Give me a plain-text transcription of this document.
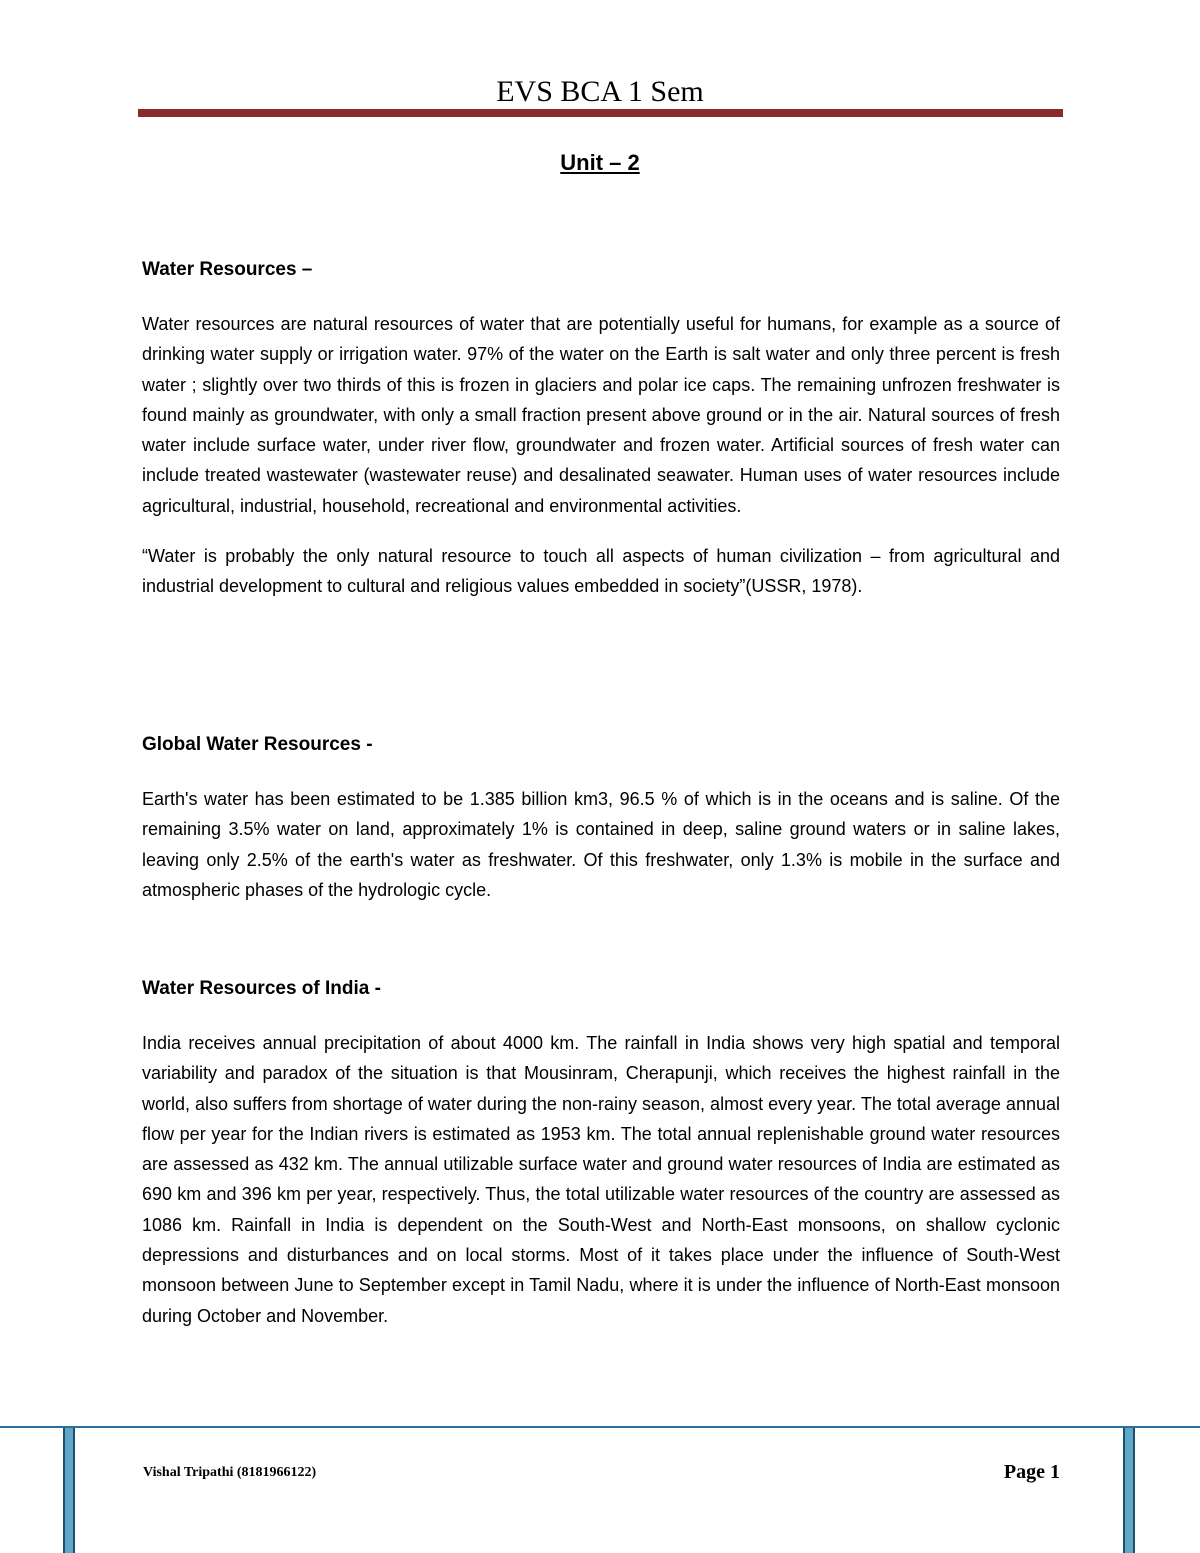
EVS BCA 1 Sem
Unit – 2
Water Resources –

Water resources are natural resources of water that are potentially useful for humans, for example as a source of drinking water supply or irrigation water. 97% of the water on the Earth is salt water and only three percent is fresh water ; slightly over two thirds of this is frozen in glaciers and polar ice caps. The remaining unfrozen freshwater is found mainly as groundwater, with only a small fraction present above ground or in the air. Natural sources of fresh water include surface water, under river flow, groundwater and frozen water. Artificial sources of fresh water can include treated wastewater (wastewater reuse) and desalinated seawater. Human uses of water resources include agricultural, industrial, household, recreational and environmental activities.

“Water is probably the only natural resource to touch all aspects of human civilization – from agricultural and industrial development to cultural and religious values embedded in society”(USSR, 1978).

Global Water Resources -

Earth's water has been estimated to be 1.385 billion km3, 96.5 % of which is in the oceans and is saline. Of the remaining 3.5% water on land, approximately 1% is contained in deep, saline ground waters or in saline lakes, leaving only 2.5% of the earth's water as freshwater. Of this freshwater, only 1.3% is mobile in the surface and atmospheric phases of the hydrologic cycle.

Water Resources of India -

India receives annual precipitation of about 4000 km. The rainfall in India shows very high spatial and temporal variability and paradox of the situation is that Mousinram, Cherapunji, which receives the highest rainfall in the world, also suffers from shortage of water during the non-rainy season, almost every year. The total average annual flow per year for the Indian rivers is estimated as 1953 km. The total annual replenishable ground water resources are assessed as 432 km. The annual utilizable surface water and ground water resources of India are estimated as 690 km and 396 km per year, respectively. Thus, the total utilizable water resources of the country are assessed as 1086 km. Rainfall in India is dependent on the South-West and North-East monsoons, on shallow cyclonic depressions and disturbances and on local storms. Most of it takes place under the influence of South-West monsoon between June to September except in Tamil Nadu, where it is under the influence of North-East monsoon during October and November.

Vishal Tripathi (8181966122)	Page 1
